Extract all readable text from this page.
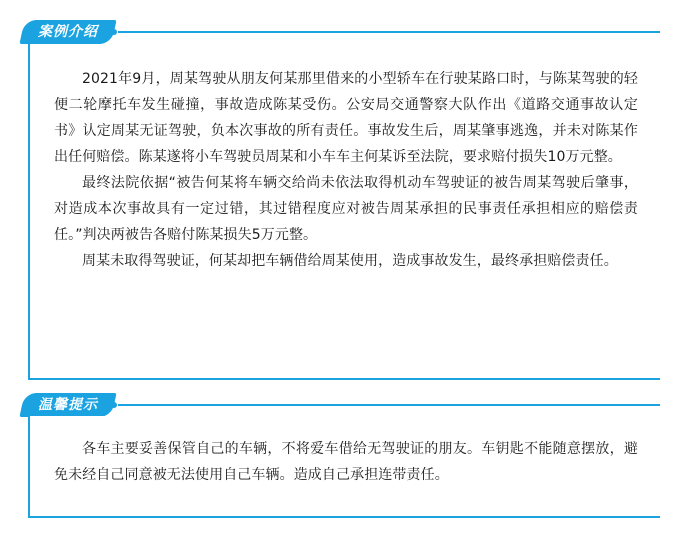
案例介绍

2021年9月，周某驾驶从朋友何某那里借来的小型轿车在行驶某路口时，与陈某驾驶的轻便二轮摩托车发生碰撞，事故造成陈某受伤。公安局交通警察大队作出《道路交通事故认定书》认定周某无证驾驶，负本次事故的所有责任。事故发生后，周某肇事逃逸，并未对陈某作出任何赔偿。陈某遂将小车驾驶员周某和小车车主何某诉至法院，要求赔付损失10万元整。

最终法院依据“被告何某将车辆交给尚未依法取得机动车驾驶证的被告周某驾驶后肇事，对造成本次事故具有一定过错，其过错程度应对被告周某承担的民事责任承担相应的赔偿责任。”判决两被告各赔付陈某损失5万元整。

周某未取得驾驶证，何某却把车辆借给周某使用，造成事故发生，最终承担赔偿责任。

温馨提示

各车主要妥善保管自己的车辆，不将爱车借给无驾驶证的朋友。车钥匙不能随意摆放，避免未经自己同意被无法使用自己车辆。造成自己承担连带责任。
